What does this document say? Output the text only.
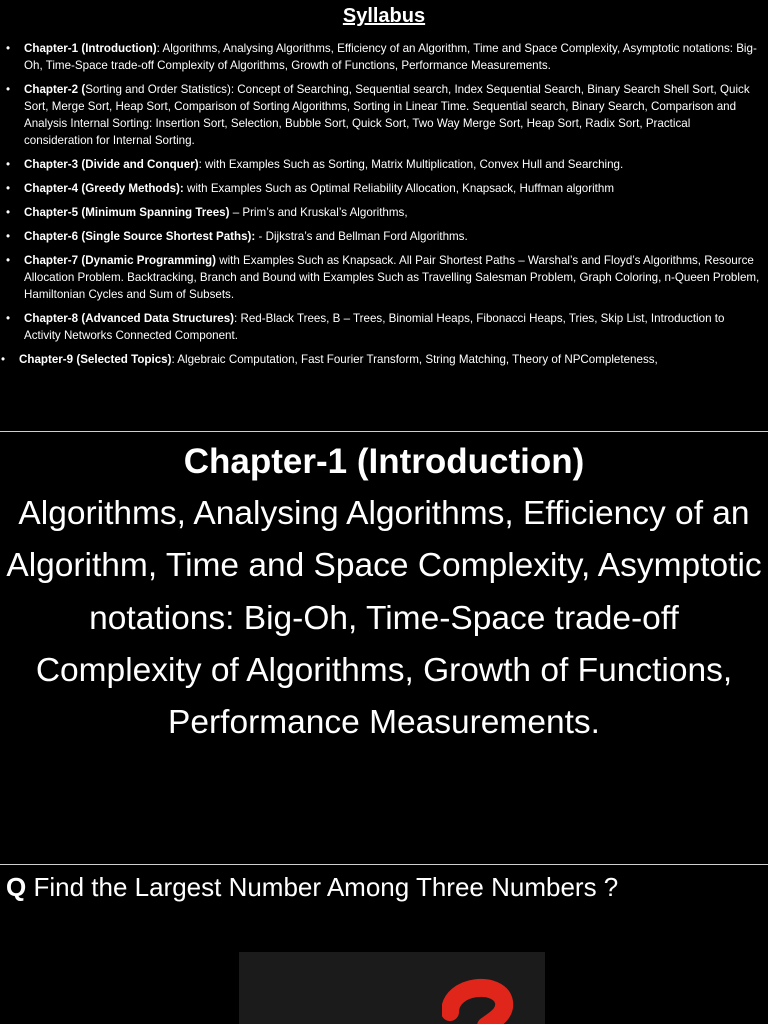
Syllabus
• Chapter-1 (Introduction): Algorithms, Analysing Algorithms, Efficiency of an Algorithm, Time and Space Complexity, Asymptotic notations: Big-Oh, Time-Space trade-off Complexity of Algorithms, Growth of Functions, Performance Measurements.
• Chapter-2 (Sorting and Order Statistics): Concept of Searching, Sequential search, Index Sequential Search, Binary Search Shell Sort, Quick Sort, Merge Sort, Heap Sort, Comparison of Sorting Algorithms, Sorting in Linear Time. Sequential search, Binary Search, Comparison and Analysis Internal Sorting: Insertion Sort, Selection, Bubble Sort, Quick Sort, Two Way Merge Sort, Heap Sort, Radix Sort, Practical consideration for Internal Sorting.
• Chapter-3 (Divide and Conquer): with Examples Such as Sorting, Matrix Multiplication, Convex Hull and Searching.
• Chapter-4 (Greedy Methods): with Examples Such as Optimal Reliability Allocation, Knapsack, Huffman algorithm
• Chapter-5 (Minimum Spanning Trees) – Prim’s and Kruskal’s Algorithms,
• Chapter-6 (Single Source Shortest Paths): - Dijkstra’s and Bellman Ford Algorithms.
• Chapter-7 (Dynamic Programming) with Examples Such as Knapsack. All Pair Shortest Paths – Warshal’s and Floyd’s Algorithms, Resource Allocation Problem. Backtracking, Branch and Bound with Examples Such as Travelling Salesman Problem, Graph Coloring, n-Queen Problem, Hamiltonian Cycles and Sum of Subsets.
• Chapter-8 (Advanced Data Structures): Red-Black Trees, B – Trees, Binomial Heaps, Fibonacci Heaps, Tries, Skip List, Introduction to Activity Networks Connected Component.
• Chapter-9 (Selected Topics): Algebraic Computation, Fast Fourier Transform, String Matching, Theory of NPCompleteness,
Chapter-1 (Introduction)
Algorithms, Analysing Algorithms, Efficiency of an Algorithm, Time and Space Complexity, Asymptotic notations: Big-Oh, Time-Space trade-off Complexity of Algorithms, Growth of Functions, Performance Measurements.
Q Find the Largest Number Among Three Numbers ?
